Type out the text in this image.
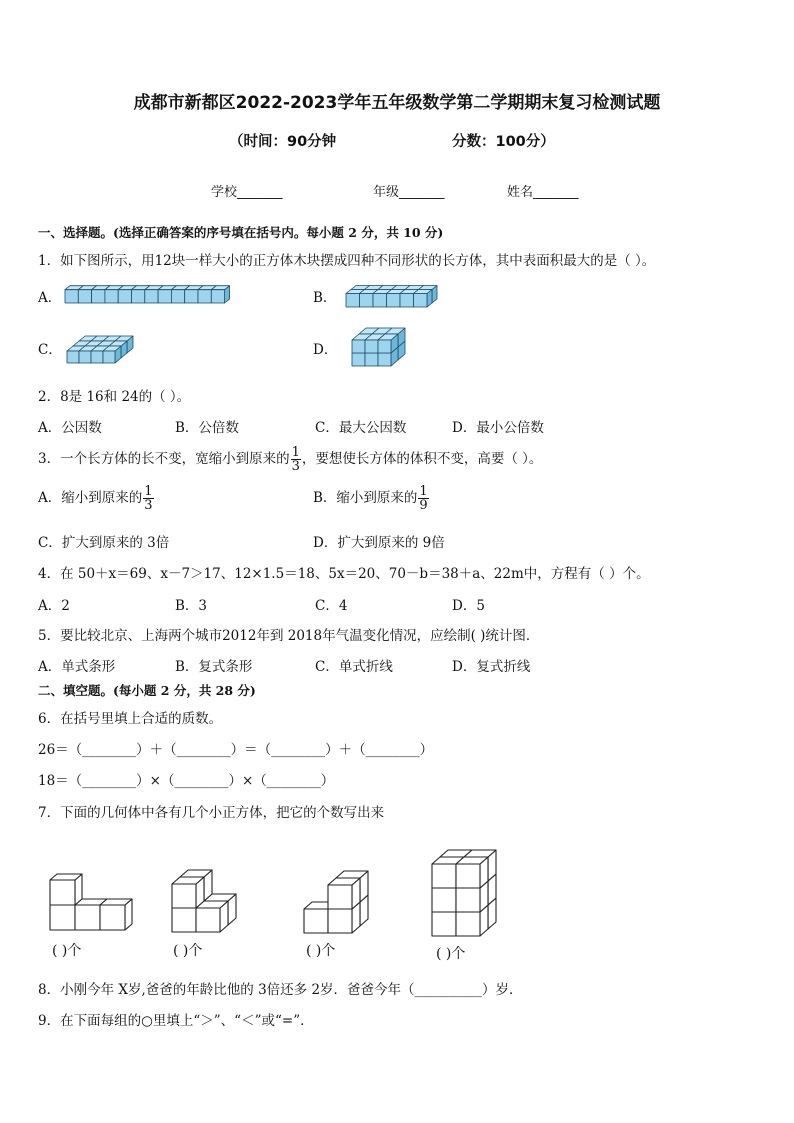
成都市新都区2022-2023学年五年级数学第二学期期末复习检测试题
（时间：90分钟	分数：100分）
学校_______	年级_______	姓名_______
一、选择题。(选择正确答案的序号填在括号内。每小题 2 分，共 10 分)
1．如下图所示，用12块一样大小的正方体木块摆成四种不同形状的长方体，其中表面积最大的是（ ）。
A．	B．
C．	D．
2．8是 16和 24的（ ）。
A．公因数	B．公倍数	C．最大公因数	D．最小公倍数
3．一个长方体的长不变，宽缩小到原来的 $\frac{1}{3}$ ，要想使长方体的体积不变，高要（ ）。
A．缩小到原来的 $\frac{1}{3}$	B．缩小到原来的 $\frac{1}{9}$
C．扩大到原来的 3倍	D．扩大到原来的 9倍
4．在 50＋x＝69、x－7＞17、12×1.5＝18、5x＝20、70－b＝38＋a、22m中，方程有（ ）个。
A．2	B．3	C．4	D．5
5．要比较北京、上海两个城市2012年到 2018年气温变化情况，应绘制( )统计图．
A．单式条形	B．复式条形	C．单式折线	D．复式折线
二、填空题。(每小题 2 分，共 28 分)
6．在括号里填上合适的质数。
26＝（________）＋（________）＝（________）＋（________）
18＝（________）×（________）×（________）
7．下面的几何体中各有几个小正方体，把它的个数写出来
( )个	( )个	( )个	( )个
8．小刚今年 X岁,爸爸的年龄比他的 3倍还多 2岁．爸爸今年（__________）岁．
9．在下面每组的○里填上“＞”、“＜”或“=”．
